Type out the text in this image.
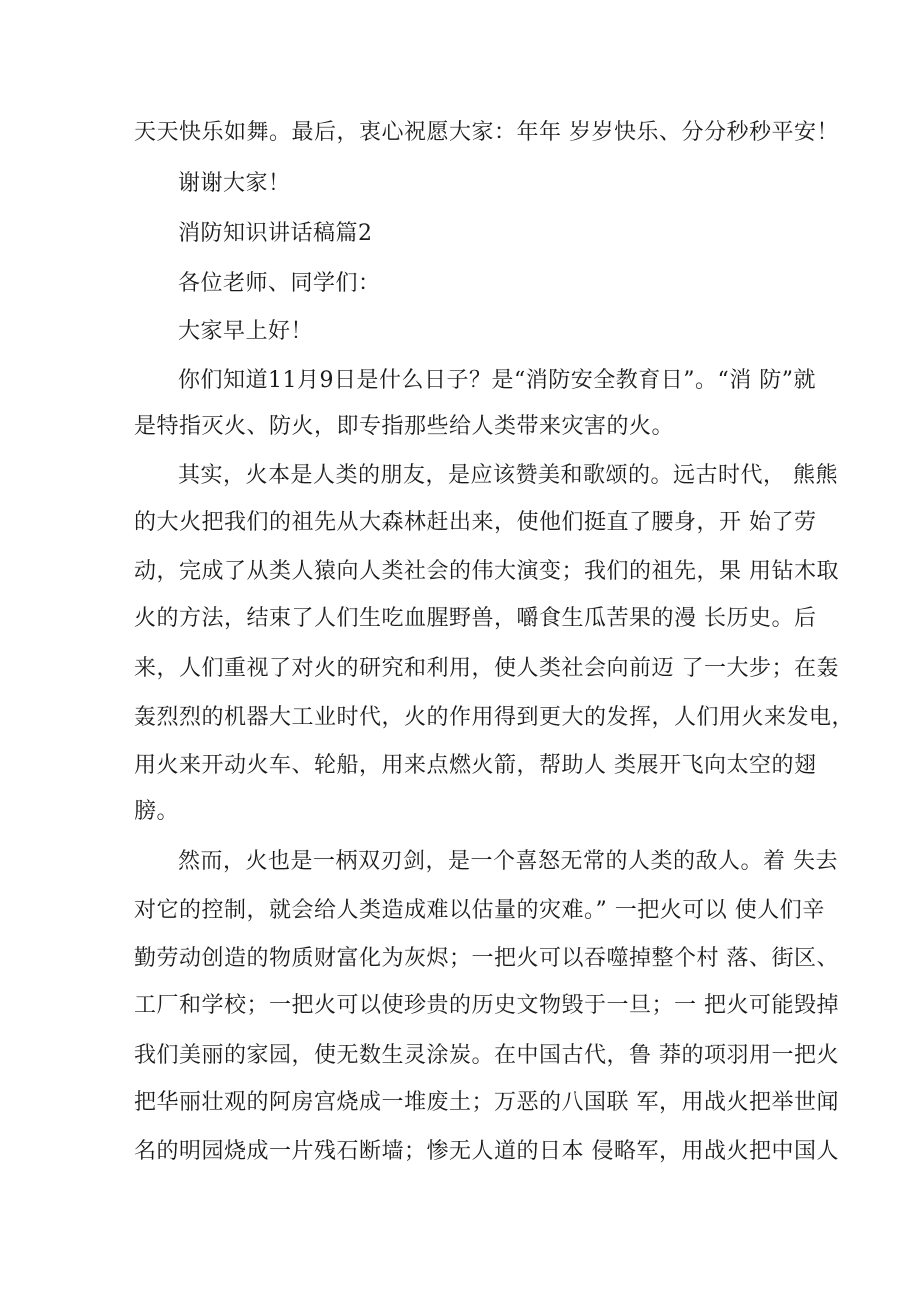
天天快乐如舞。最后，衷心祝愿大家：年年 岁岁快乐、分分秒秒平安！
谢谢大家！
消防知识讲话稿篇2
各位老师、同学们：
大家早上好！
你们知道11月9日是什么日子？是“消防安全教育日”。“消 防”就
是特指灭火、防火，即专指那些给人类带来灾害的火。
其实，火本是人类的朋友，是应该赞美和歌颂的。远古时代， 熊熊
的大火把我们的祖先从大森林赶出来，使他们挺直了腰身，开 始了劳
动，完成了从类人猿向人类社会的伟大演变；我们的祖先，果 用钻木取
火的方法，结束了人们生吃血腥野兽，嚼食生瓜苦果的漫 长历史。后
来，人们重视了对火的研究和利用，使人类社会向前迈 了一大步；在轰
轰烈烈的机器大工业时代，火的作用得到更大的发挥，人们用火来发电，
用火来开动火车、轮船，用来点燃火箭，帮助人 类展开飞向太空的翅
膀。
然而，火也是一柄双刃剑，是一个喜怒无常的人类的敌人。着 失去
对它的控制，就会给人类造成难以估量的灾难。” 一把火可以 使人们辛
勤劳动创造的物质财富化为灰烬；一把火可以吞噬掉整个村 落、街区、
工厂和学校；一把火可以使珍贵的历史文物毁于一旦；一 把火可能毁掉
我们美丽的家园，使无数生灵涂炭。在中国古代，鲁 莽的项羽用一把火
把华丽壮观的阿房宫烧成一堆废土；万恶的八国联 军，用战火把举世闻
名的明园烧成一片残石断墙；惨无人道的日本 侵略军，用战火把中国人
